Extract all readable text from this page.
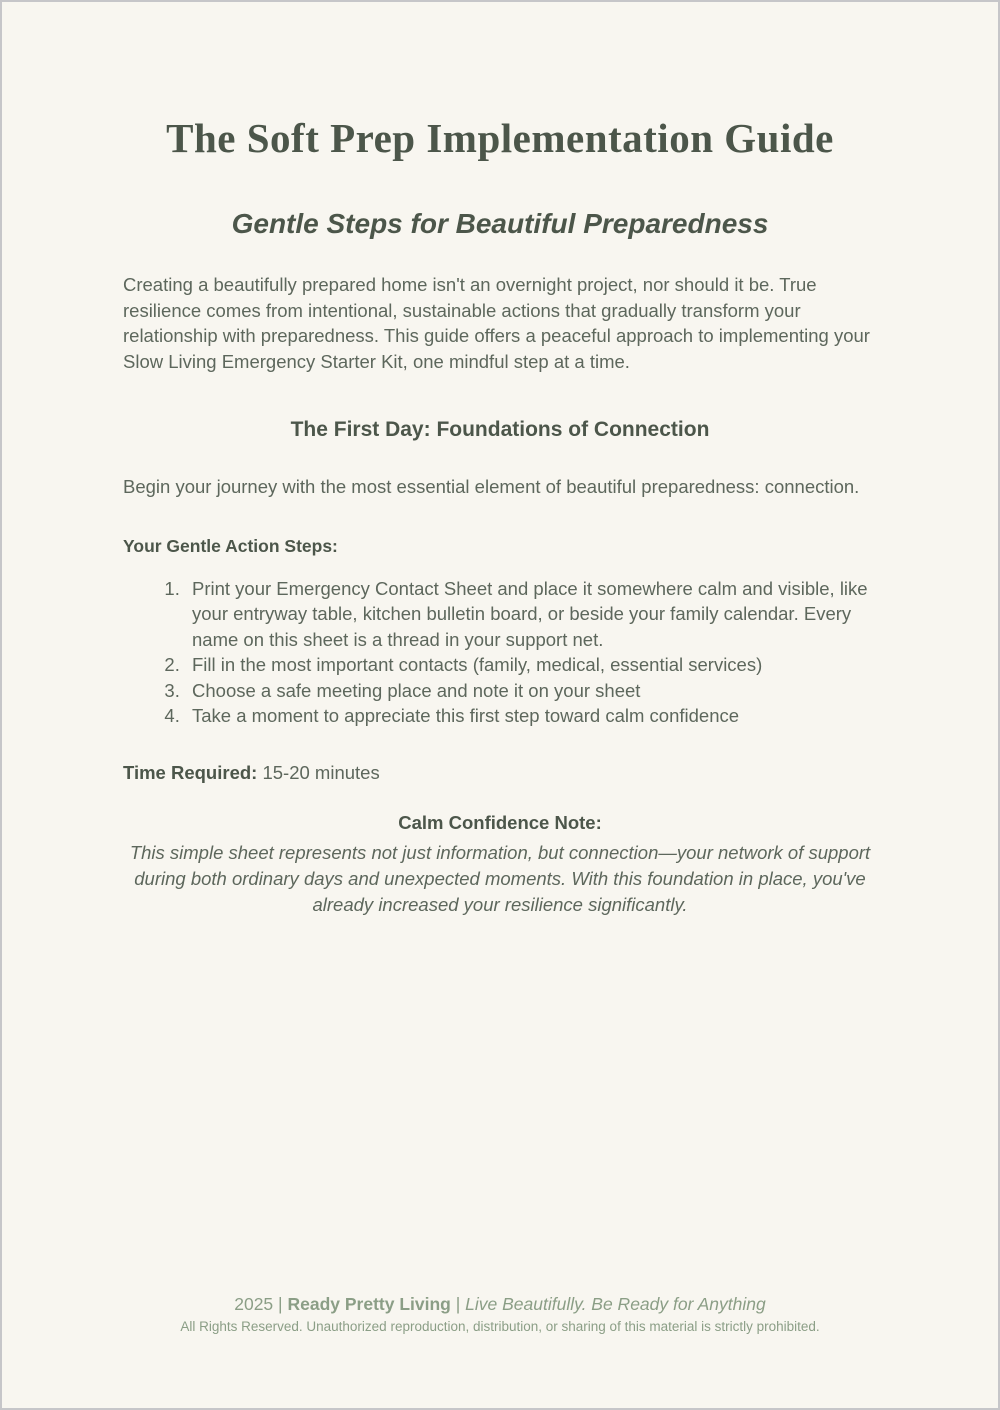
The Soft Prep Implementation Guide
Gentle Steps for Beautiful Preparedness

Creating a beautifully prepared home isn't an overnight project, nor should it be. True resilience comes from intentional, sustainable actions that gradually transform your relationship with preparedness. This guide offers a peaceful approach to implementing your Slow Living Emergency Starter Kit, one mindful step at a time.

The First Day: Foundations of Connection

Begin your journey with the most essential element of beautiful preparedness: connection.

Your Gentle Action Steps:

1. Print your Emergency Contact Sheet and place it somewhere calm and visible, like your entryway table, kitchen bulletin board, or beside your family calendar. Every name on this sheet is a thread in your support net.
2. Fill in the most important contacts (family, medical, essential services)
3. Choose a safe meeting place and note it on your sheet
4. Take a moment to appreciate this first step toward calm confidence

Time Required: 15-20 minutes

Calm Confidence Note:

This simple sheet represents not just information, but connection—your network of support during both ordinary days and unexpected moments. With this foundation in place, you've already increased your resilience significantly.

2025 | Ready Pretty Living | Live Beautifully. Be Ready for Anything
All Rights Reserved. Unauthorized reproduction, distribution, or sharing of this material is strictly prohibited.
